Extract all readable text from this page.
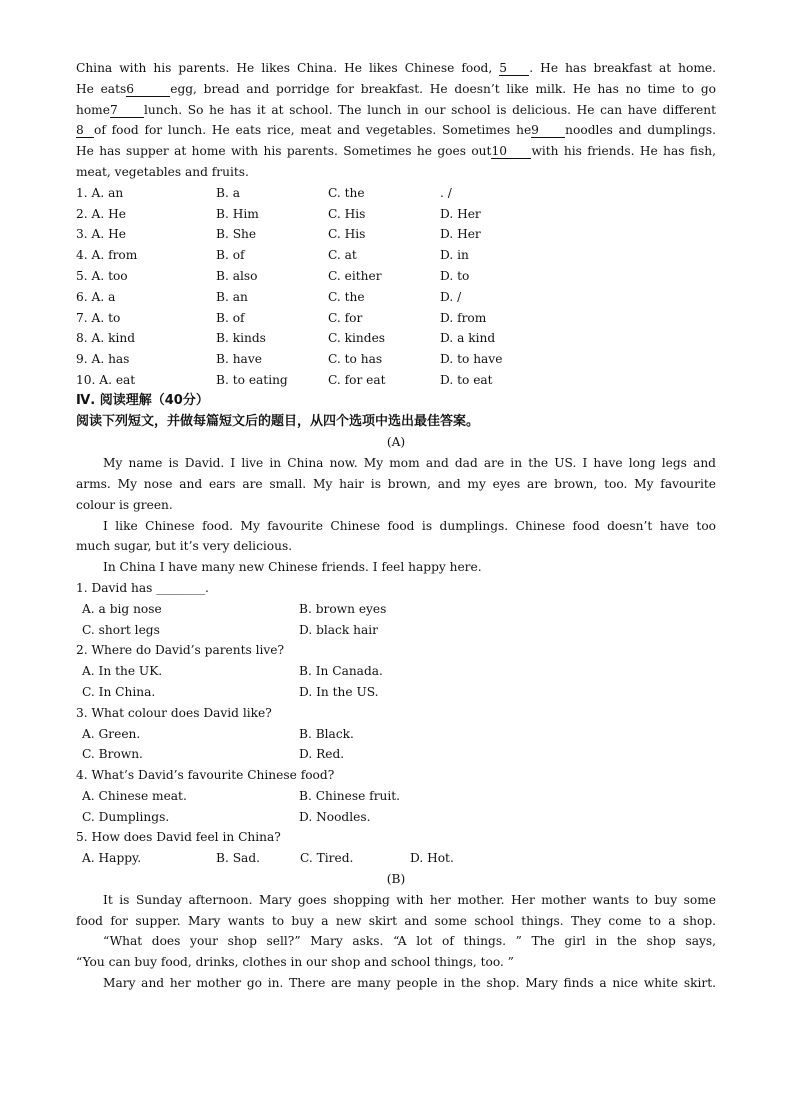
China with his parents. He likes China. He likes Chinese food, 5 . He has breakfast at home.
He eats6	egg, bread and porridge for breakfast. He doesn’t like milk. He has no time to go
home7 lunch. So he has it at school. The lunch in our school is delicious. He can have different
8 of food for lunch. He eats rice, meat and vegetables. Sometimes he9 noodles and dumplings.
He has supper at home with his parents. Sometimes he goes out10 with his friends. He has fish,
meat, vegetables and fruits.
1. A. an	B. a	C. the	. /
2. A. He	B. Him	C. His	D. Her
3. A. He	B. She	C. His	D. Her
4. A. from	B. of	C. at	D. in
5. A. too	B. also	C. either	D. to
6. A. a	B. an	C. the	D. /
7. A. to	B. of	C. for	D. from
8. A. kind	B. kinds	C. kindes	D. a kind
9. A. has	B. have	C. to has	D. to have
10. A. eat	B. to eating	C. for eat	D. to eat
Ⅳ. 阅读理解（40分）
阅读下列短文，并做每篇短文后的题目，从四个选项中选出最佳答案。
(A)
My name is David. I live in China now. My mom and dad are in the US. I have long legs and
arms. My nose and ears are small. My hair is brown, and my eyes are brown, too. My favourite
colour is green.
I like Chinese food. My favourite Chinese food is dumplings. Chinese food doesn’t have too
much sugar, but it’s very delicious.
In China I have many new Chinese friends. I feel happy here.
1. David has ________.
A. a big nose	B. brown eyes
C. short legs	D. black hair
2. Where do David’s parents live?
A. In the UK.	B. In Canada.
C. In China.	D. In the US.
3. What colour does David like?
A. Green.	B. Black.
C. Brown.	D. Red.
4. What’s David’s favourite Chinese food?
A. Chinese meat.	B. Chinese fruit.
C. Dumplings.	D. Noodles.
5. How does David feel in China?
A. Happy.	B. Sad.	C. Tired.	D. Hot.
(B)
It is Sunday afternoon. Mary goes shopping with her mother. Her mother wants to buy some
food for supper. Mary wants to buy a new skirt and some school things. They come to a shop.
“What does your shop sell?” Mary asks. “A lot of things. ” The girl in the shop says,
“You can buy food, drinks, clothes in our shop and school things, too. ”
Mary and her mother go in. There are many people in the shop. Mary finds a nice white skirt.
